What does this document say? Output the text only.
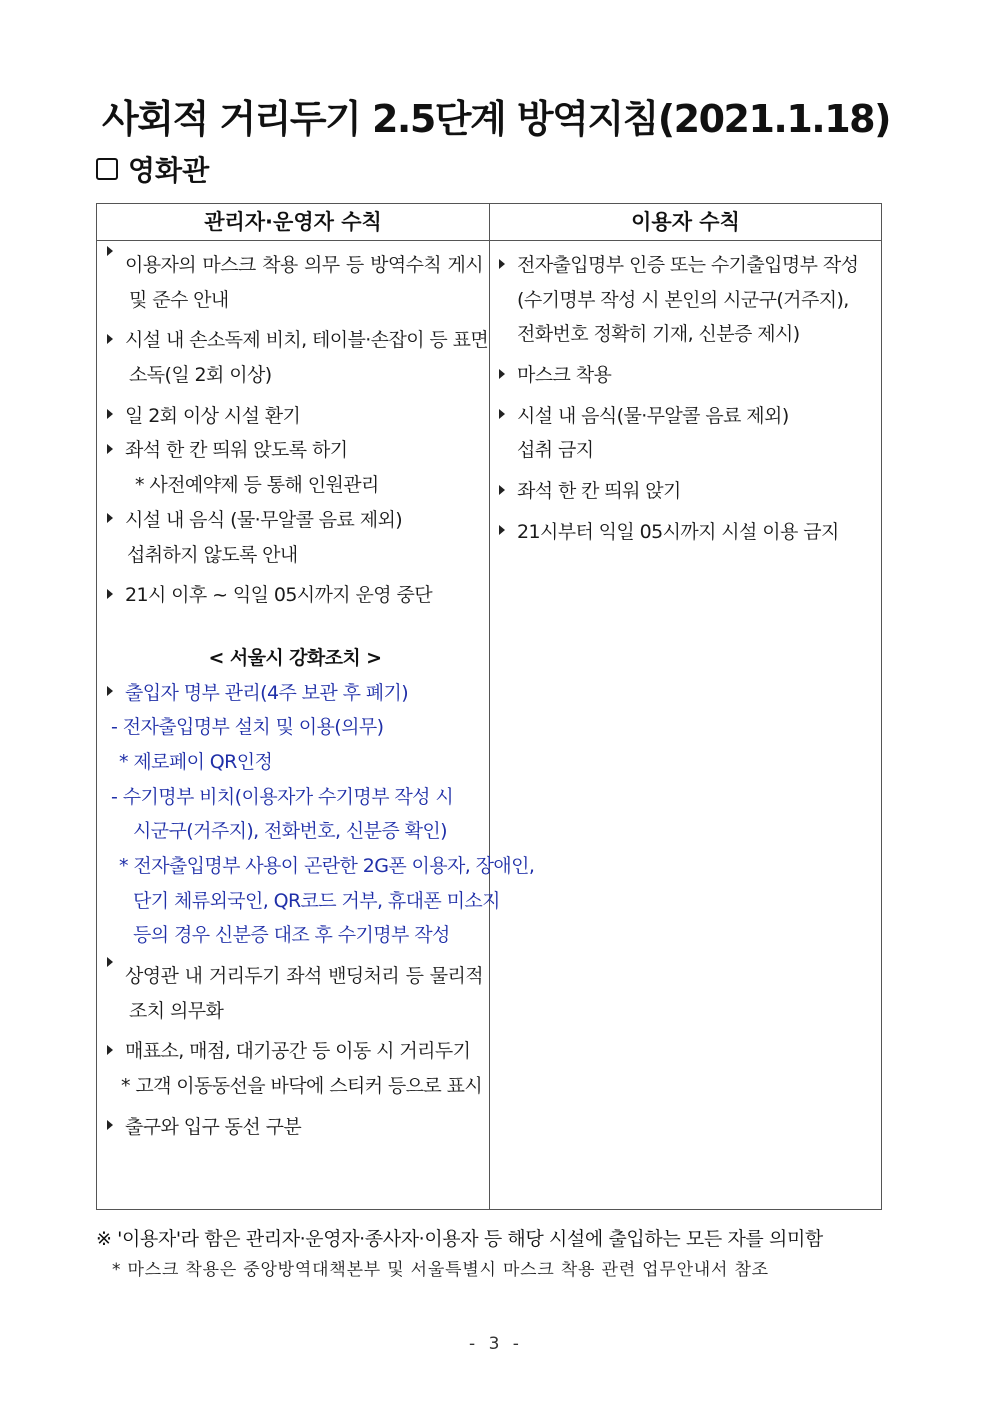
사회적 거리두기 2.5단계 방역지침(2021.1.18)
영화관
관리자·운영자 수칙	이용자 수칙
이용자의 마스크 착용 의무 등 방역수칙 게시
및 준수 안내
시설 내 손소독제 비치, 테이블·손잡이 등 표면
소독(일 2회 이상)
일 2회 이상 시설 환기
좌석 한 칸 띄워 앉도록 하기
* 사전예약제 등 통해 인원관리
시설 내 음식 (물·무알콜 음료 제외)
섭취하지 않도록 안내
21시 이후 ~ 익일 05시까지 운영 중단
< 서울시 강화조치 >
출입자 명부 관리(4주 보관 후 폐기)
- 전자출입명부 설치 및 이용(의무)
* 제로페이 QR인정
- 수기명부 비치(이용자가 수기명부 작성 시
시군구(거주지), 전화번호, 신분증 확인)
* 전자출입명부 사용이 곤란한 2G폰 이용자, 장애인,
단기 체류외국인, QR코드 거부, 휴대폰 미소지
등의 경우 신분증 대조 후 수기명부 작성
상영관 내 거리두기 좌석 밴딩처리 등 물리적
조치 의무화
매표소, 매점, 대기공간 등 이동 시 거리두기
* 고객 이동동선을 바닥에 스티커 등으로 표시
출구와 입구 동선 구분
전자출입명부 인증 또는 수기출입명부 작성
(수기명부 작성 시 본인의 시군구(거주지),
전화번호 정확히 기재, 신분증 제시)
마스크 착용
시설 내 음식(물·무알콜 음료 제외)
섭취 금지
좌석 한 칸 띄워 앉기
21시부터 익일 05시까지 시설 이용 금지
※ '이용자'라 함은 관리자·운영자·종사자·이용자 등 해당 시설에 출입하는 모든 자를 의미함
* 마스크 착용은 중앙방역대책본부 및 서울특별시 마스크 착용 관련 업무안내서 참조
- 3 -
